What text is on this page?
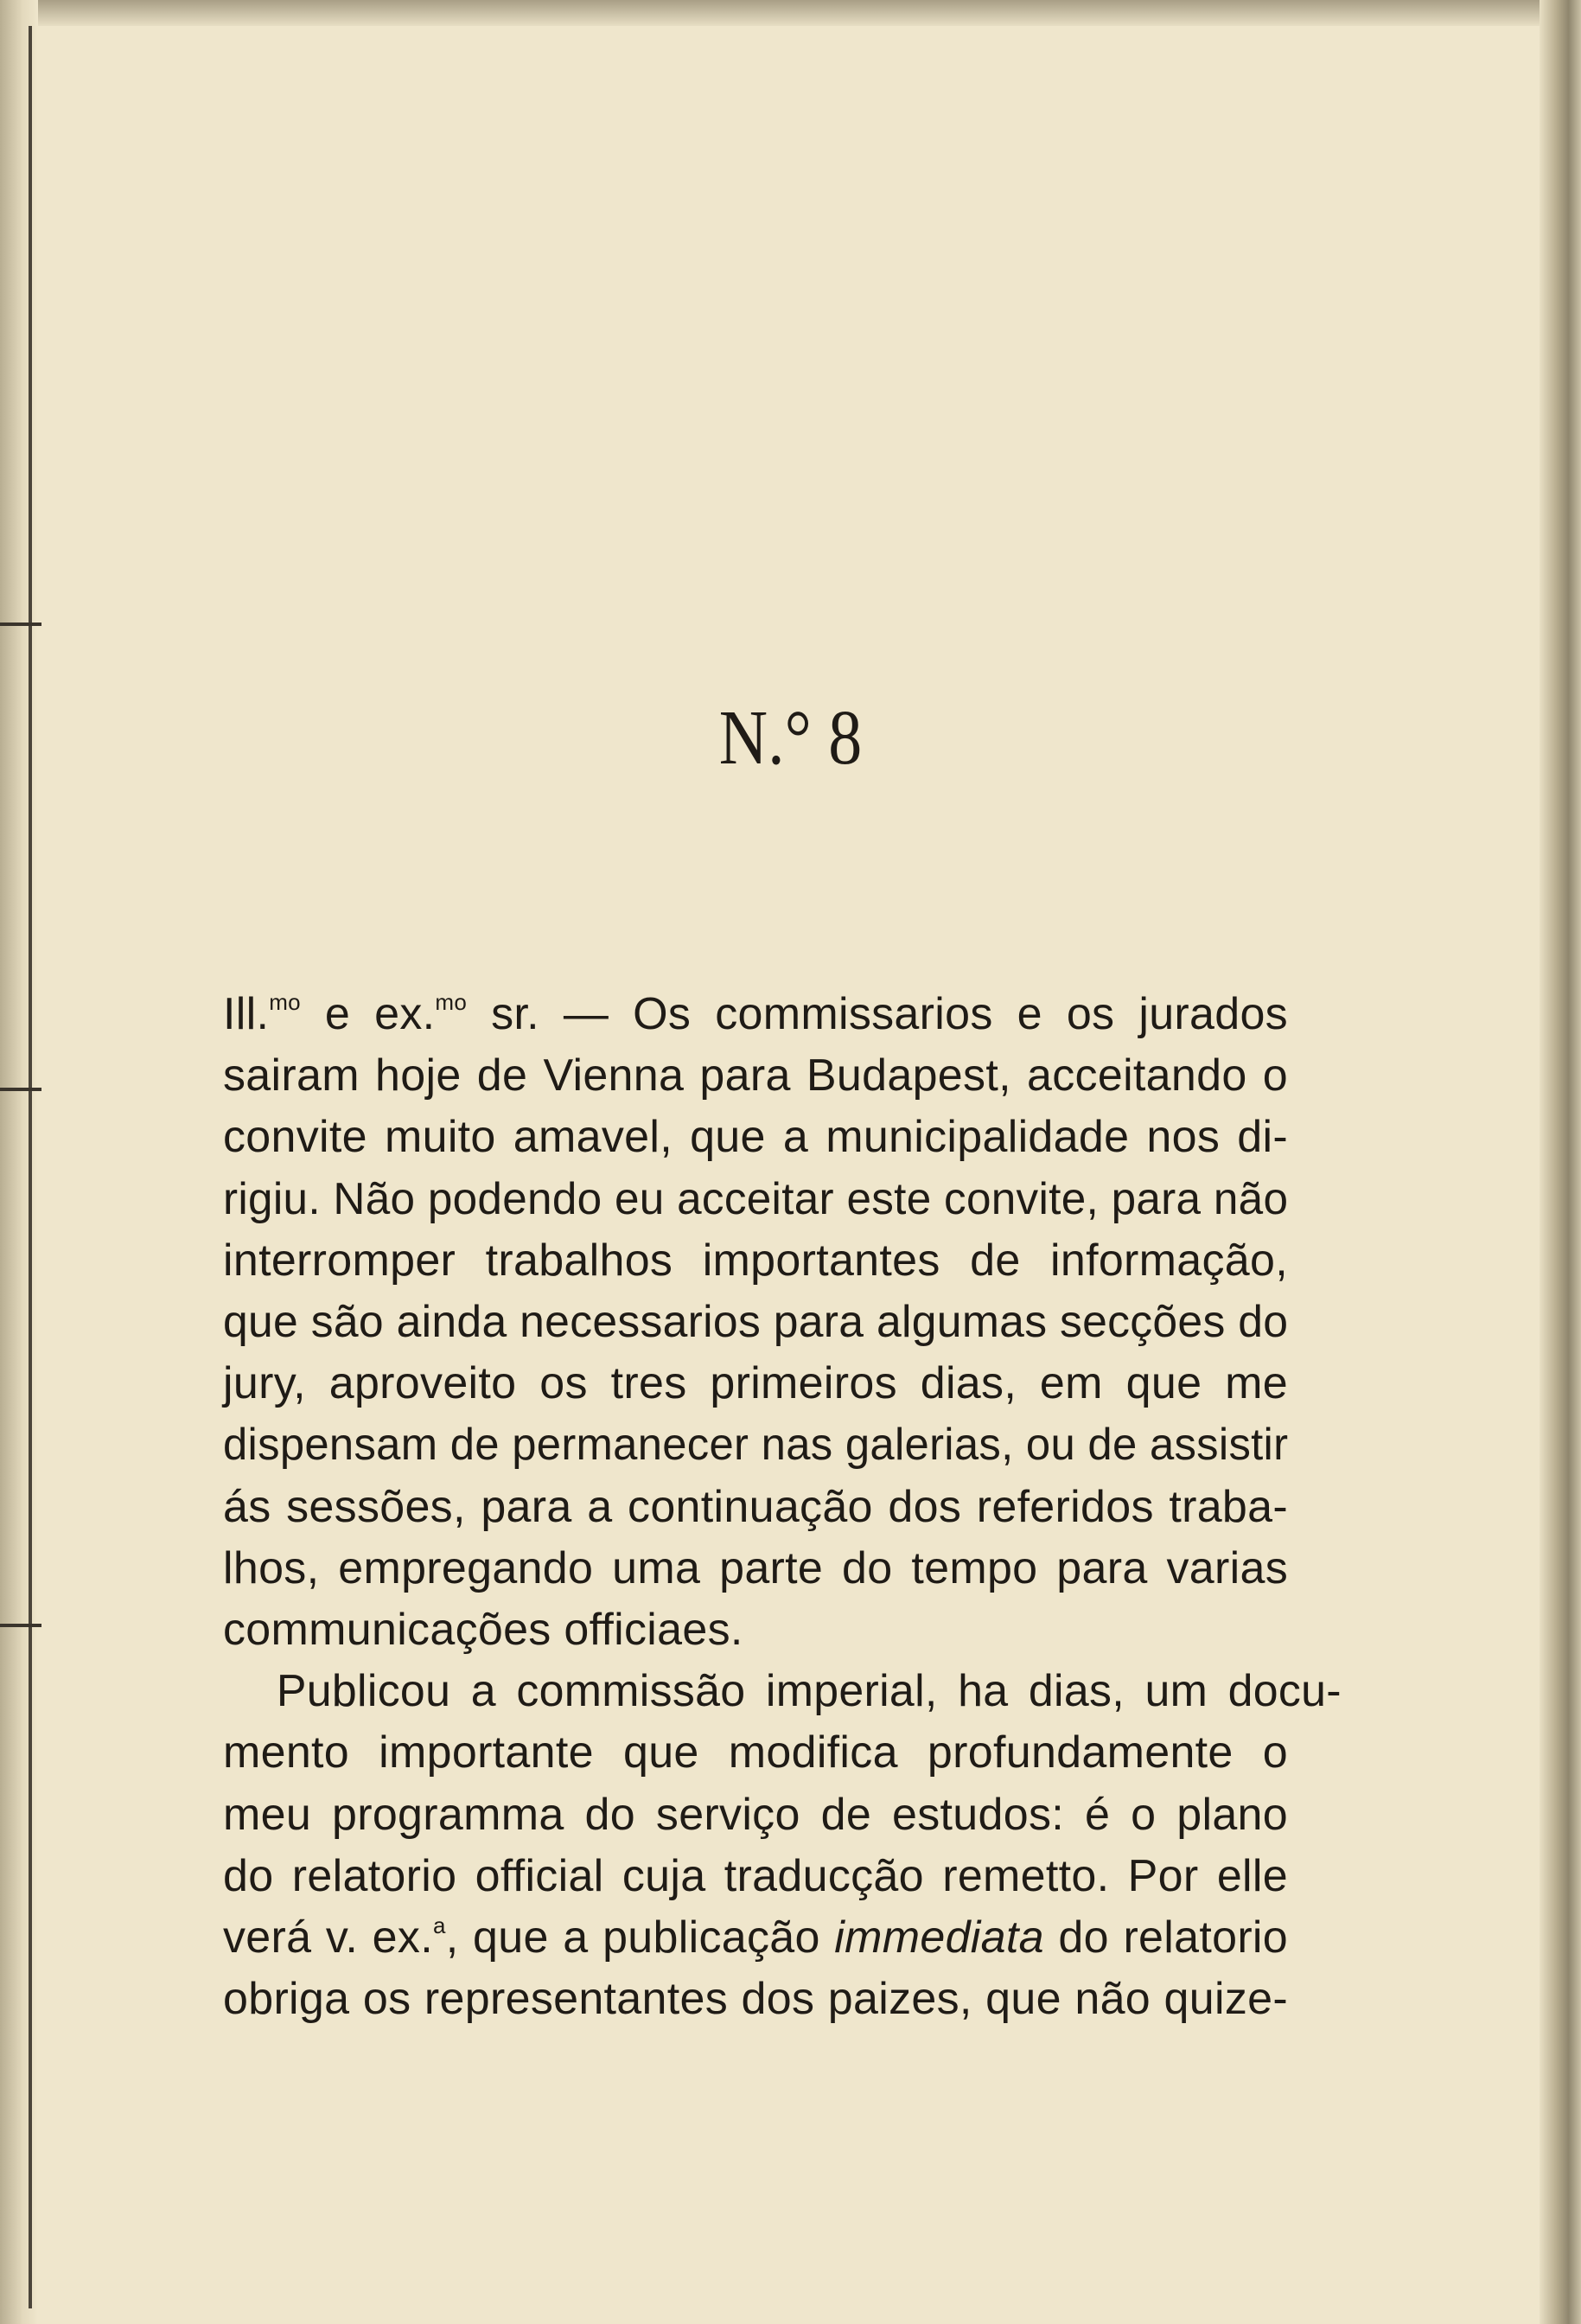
N.° 8
Ill.$^{mo}$ e ex.$^{mo}$ sr. — Os commissarios e os jurados
sairam hoje de Vienna para Budapest, acceitando o
convite muito amavel, que a municipalidade nos di-
rigiu. Não podendo eu acceitar este convite, para não
interromper trabalhos importantes de informação,
que são ainda necessarios para algumas secções do
jury, aproveito os tres primeiros dias, em que me
dispensam de permanecer nas galerias, ou de assistir
ás sessões, para a continuação dos referidos traba-
lhos, empregando uma parte do tempo para varias
communicações officiaes.
Publicou a commissão imperial, ha dias, um docu-
mento importante que modifica profundamente o
meu programma do serviço de estudos: é o plano
do relatorio official cuja traducção remetto. Por elle
verá v. ex.$^a$, que a publicação immediata do relatorio
obriga os representantes dos paizes, que não quize-
